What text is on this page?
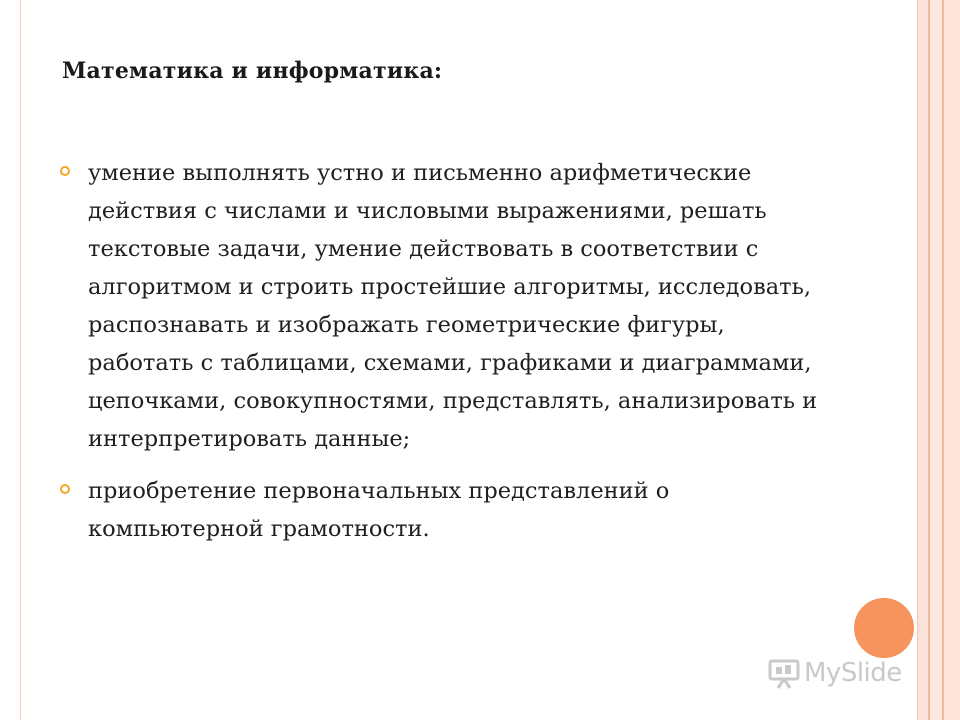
Математика и информатика:
умение выполнять устно и письменно арифметические действия с числами и числовыми выражениями, решать текстовые задачи, умение действовать в соответствии с алгоритмом и строить простейшие алгоритмы, исследовать, распознавать и изображать геометрические фигуры, работать с таблицами, схемами, графиками и диаграммами, цепочками, совокупностями, представлять, анализировать и интерпретировать данные;
приобретение первоначальных представлений о компьютерной грамотности.
MySlide
